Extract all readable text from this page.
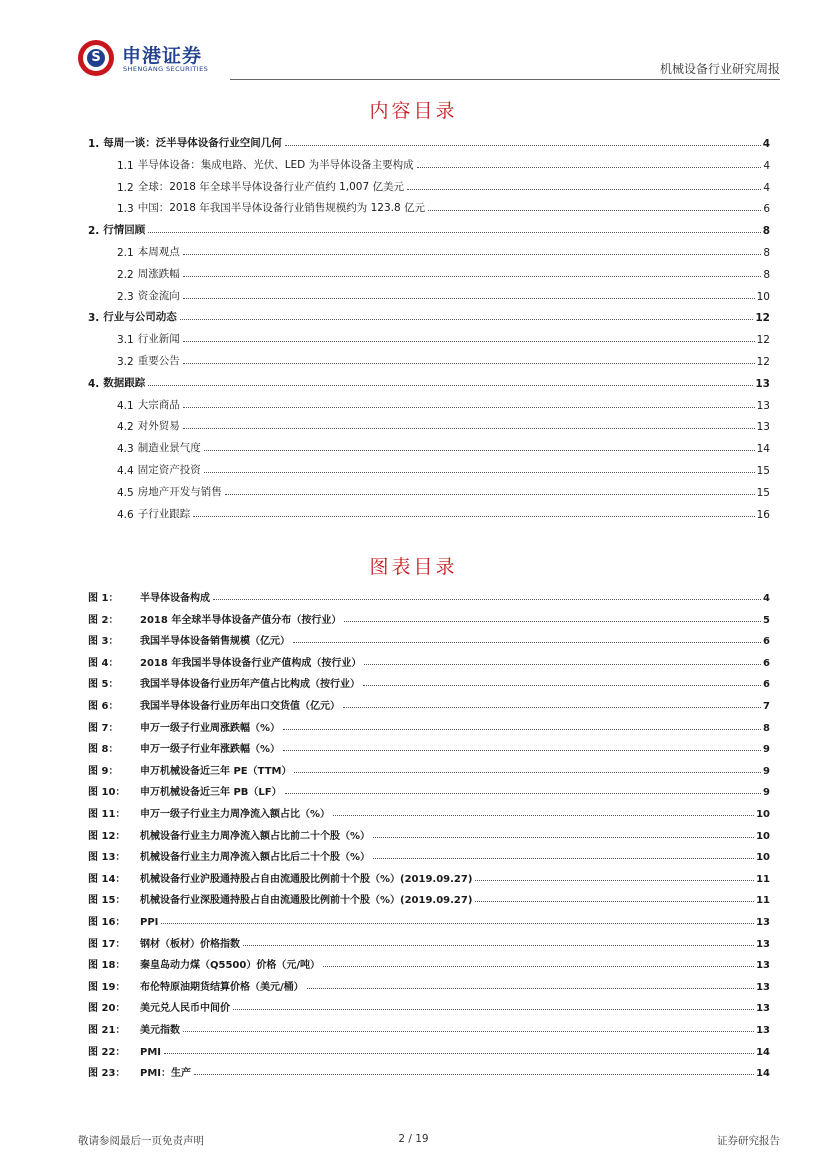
S 申港证券
SHENGANG SECURITIES	机械设备行业研究周报
内容目录
1. 每周一谈：泛半导体设备行业空间几何	4
1.1 半导体设备：集成电路、光伏、LED 为半导体设备主要构成	4
1.2 全球：2018 年全球半导体设备行业产值约 1,007 亿美元	4
1.3 中国：2018 年我国半导体设备行业销售规模约为 123.8 亿元	6
2. 行情回顾	8
2.1 本周观点	8
2.2 周涨跌幅	8
2.3 资金流向	10
3. 行业与公司动态	12
3.1 行业新闻	12
3.2 重要公告	12
4. 数据跟踪	13
4.1 大宗商品	13
4.2 对外贸易	13
4.3 制造业景气度	14
4.4 固定资产投资	15
4.5 房地产开发与销售	15
4.6 子行业跟踪	16
图表目录
图 1：	半导体设备构成	4
图 2：	2018 年全球半导体设备产值分布（按行业）	5
图 3：	我国半导体设备销售规模（亿元）	6
图 4：	2018 年我国半导体设备行业产值构成（按行业）	6
图 5：	我国半导体设备行业历年产值占比构成（按行业）	6
图 6：	我国半导体设备行业历年出口交货值（亿元）	7
图 7：	申万一级子行业周涨跌幅（%）	8
图 8：	申万一级子行业年涨跌幅（%）	9
图 9：	申万机械设备近三年 PE（TTM）	9
图 10：	申万机械设备近三年 PB（LF）	9
图 11：	申万一级子行业主力周净流入额占比（%）	10
图 12：	机械设备行业主力周净流入额占比前二十个股（%）	10
图 13：	机械设备行业主力周净流入额占比后二十个股（%）	10
图 14：	机械设备行业沪股通持股占自由流通股比例前十个股（%）(2019.09.27)	11
图 15：	机械设备行业深股通持股占自由流通股比例前十个股（%）(2019.09.27)	11
图 16：	PPI	13
图 17：	钢材（板材）价格指数	13
图 18：	秦皇岛动力煤（Q5500）价格（元/吨）	13
图 19：	布伦特原油期货结算价格（美元/桶）	13
图 20：	美元兑人民币中间价	13
图 21：	美元指数	13
图 22：	PMI	14
图 23：	PMI：生产	14
敬请参阅最后一页免责声明	2 / 19	证券研究报告
